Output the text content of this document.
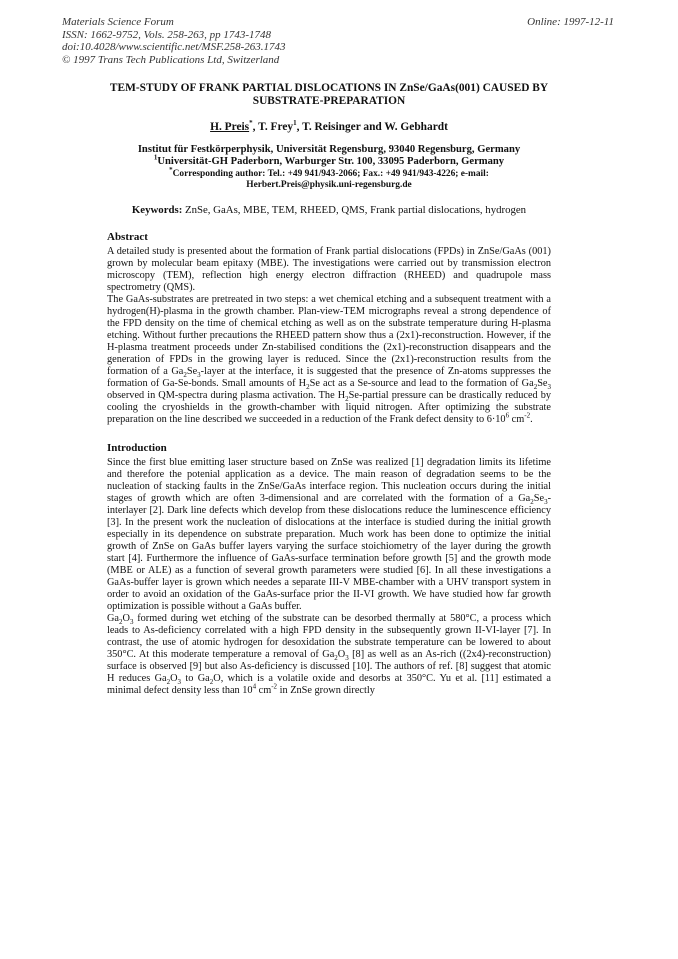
Materials Science Forum
ISSN: 1662-9752, Vols. 258-263, pp 1743-1748
doi:10.4028/www.scientific.net/MSF.258-263.1743
© 1997 Trans Tech Publications Ltd, Switzerland
Online: 1997-12-11
TEM-STUDY OF FRANK PARTIAL DISLOCATIONS IN ZnSe/GaAs(001) CAUSED BY SUBSTRATE-PREPARATION
H. Preis*, T. Frey$^1$, T. Reisinger and W. Gebhardt
Institut für Festkörperphysik, Universität Regensburg, 93040 Regensburg, Germany
$^1$Universität-GH Paderborn, Warburger Str. 100, 33095 Paderborn, Germany
*Corresponding author: Tel.: +49 941/943-2066; Fax.: +49 941/943-4226; e-mail:
Herbert.Preis@physik.uni-regensburg.de
Keywords: ZnSe, GaAs, MBE, TEM, RHEED, QMS, Frank partial dislocations, hydrogen
Abstract

A detailed study is presented about the formation of Frank partial dislocations (FPDs) in ZnSe/GaAs (001) grown by molecular beam epitaxy (MBE). The investigations were carried out by transmission electron microscopy (TEM), reflection high energy electron diffraction (RHEED) and quadrupole mass spectrometry (QMS).

The GaAs-substrates are pretreated in two steps: a wet chemical etching and a subsequent treatment with a hydrogen(H)-plasma in the growth chamber. Plan-view-TEM micrographs reveal a strong dependence of the FPD density on the time of chemical etching as well as on the substrate temperature during H-plasma etching. Without further precautions the RHEED pattern show thus a (2x1)-reconstruction. However, if the H-plasma treatment proceeds under Zn-stabilised conditions the (2x1)-reconstruction disappears and the generation of FPDs in the growing layer is reduced. Since the (2x1)-reconstruction results from the formation of a $Ga_2Se_3$-layer at the interface, it is suggested that the presence of Zn-atoms suppresses the formation of Ga-Se-bonds. Small amounts of $H_2Se$ act as a Se-source and lead to the formation of $Ga_2Se_3$ observed in QM-spectra during plasma activation. The $H_2Se$-partial pressure can be drastically reduced by cooling the cryoshields in the growth-chamber with liquid nitrogen. After optimizing the substrate preparation on the line described we succeeded in a reduction of the Frank defect density to $6\cdot 10^6$ $cm^{-2}$.

Introduction

Since the first blue emitting laser structure based on ZnSe was realized [1] degradation limits its lifetime and therefore the potenial application as a device. The main reason of degradation seems to be the nucleation of stacking faults in the ZnSe/GaAs interface region. This nucleation occurs during the initial stages of growth which are often 3-dimensional and are correlated with the formation of a $Ga_2Se_3$-interlayer [2]. Dark line defects which develop from these dislocations reduce the luminescence efficiency [3]. In the present work the nucleation of dislocations at the interface is studied during the initial growth especially in its dependence on substrate preparation. Much work has been done to optimize the initial growth of ZnSe on GaAs buffer layers varying the surface stoichiometry of the layer during the growth start [4]. Furthermore the influence of GaAs-surface termination before growth [5] and the growth mode (MBE or ALE) as a function of several growth parameters were studied [6]. In all these investigations a GaAs-buffer layer is grown which needes a separate III-V MBE-chamber with a UHV transport system in order to avoid an oxidation of the GaAs-surface prior the II-VI growth. We have studied how far growth optimization is possible without a GaAs buffer.

$Ga_2O_3$ formed during wet etching of the substrate can be desorbed thermally at 580°C, a process which leads to As-deficiency correlated with a high FPD density in the subsequently grown II-VI-layer [7]. In contrast, the use of atomic hydrogen for desoxidation the substrate temperature can be lowered to about 350°C. At this moderate temperature a removal of $Ga_2O_3$ [8] as well as an As-rich ((2x4)-reconstruction) surface is observed [9] but also As-deficiency is discussed [10]. The authors of ref. [8] suggest that atomic H reduces $Ga_2O_3$ to $Ga_2O$, which is a volatile oxide and desorbs at 350°C. Yu et al. [11] estimated a minimal defect density less than $10^4$ $cm^{-2}$ in ZnSe grown directly
